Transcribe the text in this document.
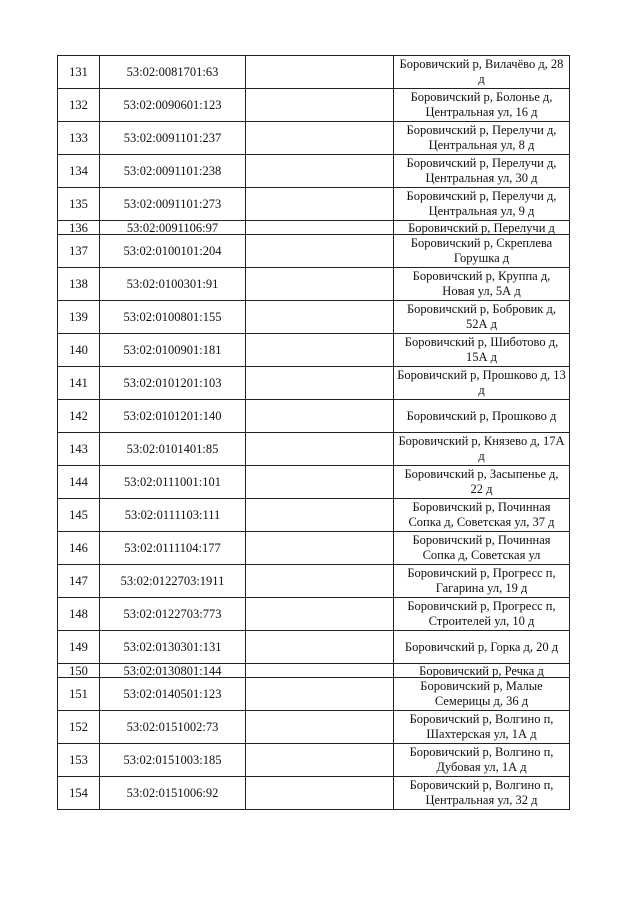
131	53:02:0081701:63		Боровичский р, Вилачёво д, 28 д
132	53:02:0090601:123		Боровичский р, Болонье д, Центральная ул, 16 д
133	53:02:0091101:237		Боровичский р, Перелучи д, Центральная ул, 8 д
134	53:02:0091101:238		Боровичский р, Перелучи д, Центральная ул, 30 д
135	53:02:0091101:273		Боровичский р, Перелучи д, Центральная ул, 9 д
136	53:02:0091106:97		Боровичский р, Перелучи д
137	53:02:0100101:204		Боровичский р, Скреплева Горушка д
138	53:02:0100301:91		Боровичский р, Круппа д, Новая ул, 5А д
139	53:02:0100801:155		Боровичский р, Бобровик д, 52А д
140	53:02:0100901:181		Боровичский р, Шиботово д, 15А д
141	53:02:0101201:103		Боровичский р, Прошково д, 13 д
142	53:02:0101201:140		Боровичский р, Прошково д
143	53:02:0101401:85		Боровичский р, Князево д, 17А д
144	53:02:0111001:101		Боровичский р, Засыпенье д, 22 д
145	53:02:0111103:111		Боровичский р, Починная Сопка д, Советская ул, 37 д
146	53:02:0111104:177		Боровичский р, Починная Сопка д, Советская ул
147	53:02:0122703:1911		Боровичский р, Прогресс п, Гагарина ул, 19 д
148	53:02:0122703:773		Боровичский р, Прогресс п, Строителей ул, 10 д
149	53:02:0130301:131		Боровичский р, Горка д, 20 д
150	53:02:0130801:144		Боровичский р, Речка д
151	53:02:0140501:123		Боровичский р, Малые Семерицы д, 36 д
152	53:02:0151002:73		Боровичский р, Волгино п, Шахтерская ул, 1А д
153	53:02:0151003:185		Боровичский р, Волгино п, Дубовая ул, 1А д
154	53:02:0151006:92		Боровичский р, Волгино п, Центральная ул, 32 д
